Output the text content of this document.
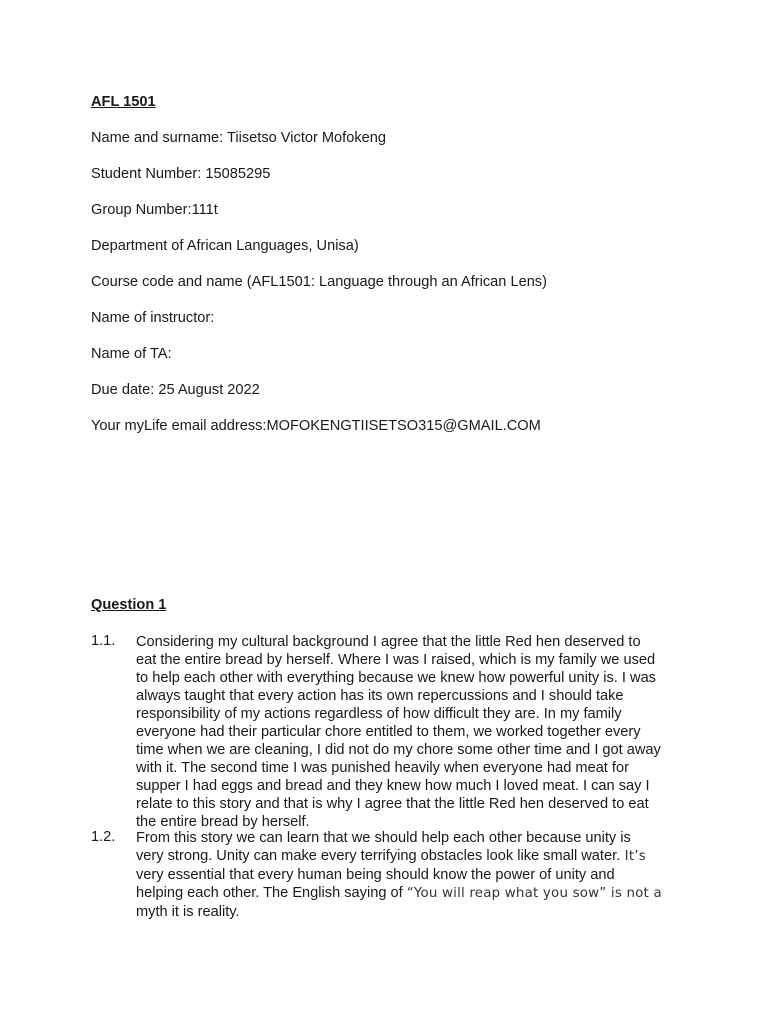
AFL 1501
Name and surname: Tiisetso Victor Mofokeng
Student Number: 15085295
Group Number:111t
Department of African Languages, Unisa)
Course code and name (AFL1501: Language through an African Lens)
Name of instructor:
Name of TA:
Due date: 25 August 2022
Your myLife email address:MOFOKENGTIISETSO315@GMAIL.COM
Question 1
1.1. Considering my cultural background I agree that the little Red hen deserved to
eat the entire bread by herself. Where I was I raised, which is my family we used
to help each other with everything because we knew how powerful unity is. I was
always taught that every action has its own repercussions and I should take
responsibility of my actions regardless of how difficult they are. In my family
everyone had their particular chore entitled to them, we worked together every
time when we are cleaning, I did not do my chore some other time and I got away
with it. The second time I was punished heavily when everyone had meat for
supper I had eggs and bread and they knew how much I loved meat. I can say I
relate to this story and that is why I agree that the little Red hen deserved to eat
the entire bread by herself.
1.2. From this story we can learn that we should help each other because unity is
very strong. Unity can make every terrifying obstacles look like small water. It’s
very essential that every human being should know the power of unity and
helping each other. The English saying of “You will reap what you sow” is not a
myth it is reality.
